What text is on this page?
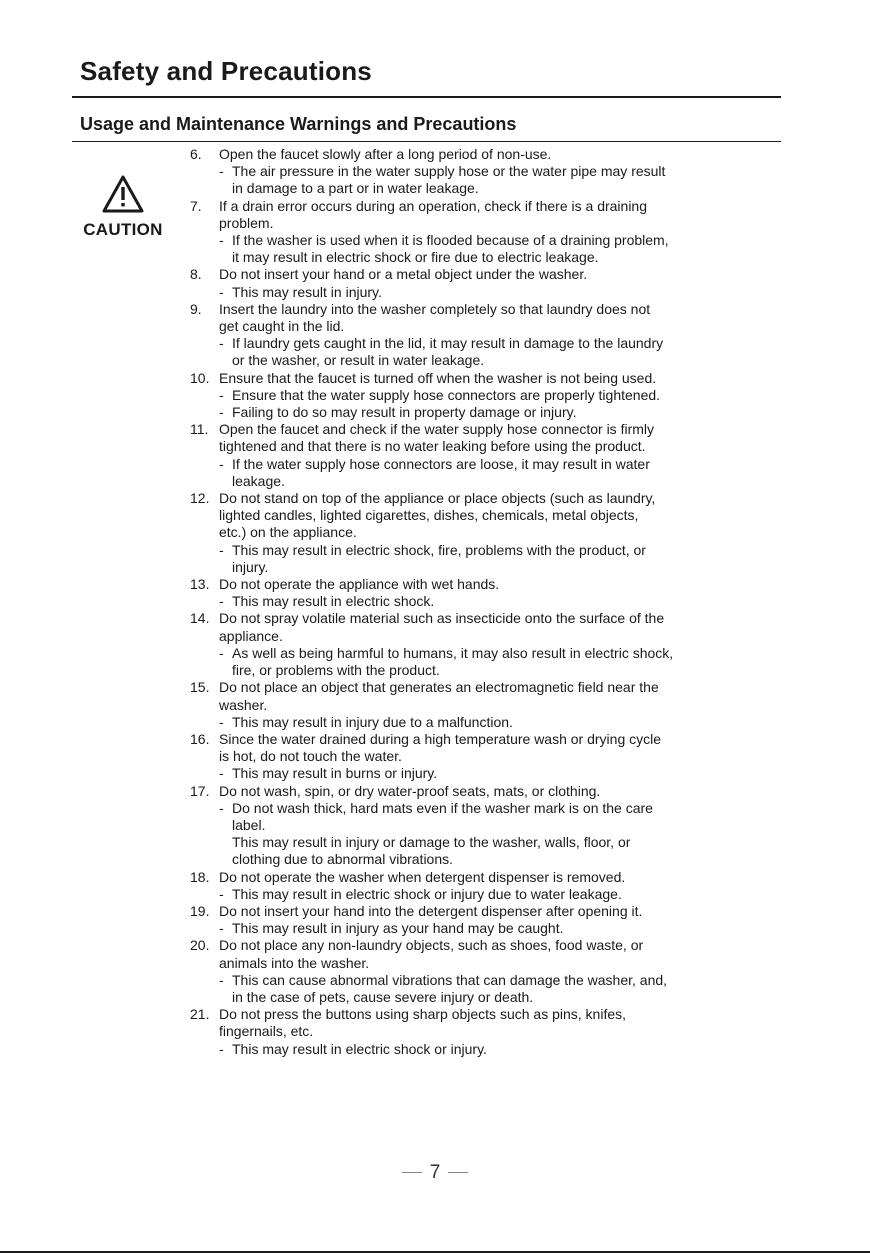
Safety and Precautions
Usage and Maintenance Warnings and Precautions
CAUTION
6.	Open the faucet slowly after a long period of non-use.
- The air pressure in the water supply hose or the water pipe may result
in damage to a part or in water leakage.
7.	If a drain error occurs during an operation, check if there is a draining
problem.
- If the washer is used when it is flooded because of a draining problem,
it may result in electric shock or fire due to electric leakage.
8.	Do not insert your hand or a metal object under the washer.
- This may result in injury.
9.	Insert the laundry into the washer completely so that laundry does not
get caught in the lid.
- If laundry gets caught in the lid, it may result in damage to the laundry
or the washer, or result in water leakage.
10. Ensure that the faucet is turned off when the washer is not being used.
- Ensure that the water supply hose connectors are properly tightened.
- Failing to do so may result in property damage or injury.
11. Open the faucet and check if the water supply hose connector is firmly
tightened and that there is no water leaking before using the product.
- If the water supply hose connectors are loose, it may result in water
leakage.
12. Do not stand on top of the appliance or place objects (such as laundry,
lighted candles, lighted cigarettes, dishes, chemicals, metal objects,
etc.) on the appliance.
- This may result in electric shock, fire, problems with the product, or
injury.
13. Do not operate the appliance with wet hands.
- This may result in electric shock.
14. Do not spray volatile material such as insecticide onto the surface of the
appliance.
- As well as being harmful to humans, it may also result in electric shock,
fire, or problems with the product.
15. Do not place an object that generates an electromagnetic field near the
washer.
- This may result in injury due to a malfunction.
16. Since the water drained during a high temperature wash or drying cycle
is hot, do not touch the water.
- This may result in burns or injury.
17. Do not wash, spin, or dry water-proof seats, mats, or clothing.
- Do not wash thick, hard mats even if the washer mark is on the care
label.
This may result in injury or damage to the washer, walls, floor, or
clothing due to abnormal vibrations.
18. Do not operate the washer when detergent dispenser is removed.
- This may result in electric shock or injury due to water leakage.
19. Do not insert your hand into the detergent dispenser after opening it.
- This may result in injury as your hand may be caught.
20. Do not place any non-laundry objects, such as shoes, food waste, or
animals into the washer.
- This can cause abnormal vibrations that can damage the washer, and,
in the case of pets, cause severe injury or death.
21. Do not press the buttons using sharp objects such as pins, knifes,
fingernails, etc.
- This may result in electric shock or injury.
7
